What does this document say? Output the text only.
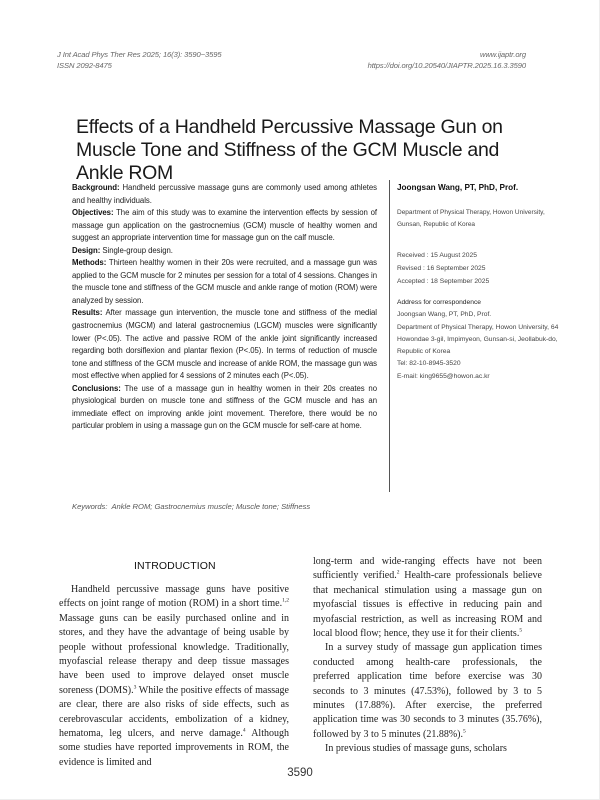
J Int Acad Phys Ther Res 2025; 16(3): 3590~3595
ISSN 2092-8475
www.ijaptr.org
https://doi.org/10.20540/JIAPTR.2025.16.3.3590
Effects of a Handheld Percussive Massage Gun on Muscle Tone and Stiffness of the GCM Muscle and Ankle ROM

Background: Handheld percussive massage guns are commonly used among athletes and healthy individuals.

Objectives: The aim of this study was to examine the intervention effects by session of massage gun application on the gastrocnemius (GCM) muscle of healthy women and suggest an appropriate intervention time for massage gun on the calf muscle.

Design: Single-group design.

Methods: Thirteen healthy women in their 20s were recruited, and a massage gun was applied to the GCM muscle for 2 minutes per session for a total of 4 sessions. Changes in the muscle tone and stiffness of the GCM muscle and ankle range of motion (ROM) were analyzed by session.

Results: After massage gun intervention, the muscle tone and stiffness of the medial gastrocnemius (MGCM) and lateral gastrocnemius (LGCM) muscles were significantly lower (P<.05). The active and passive ROM of the ankle joint significantly increased regarding both dorsiflexion and plantar flexion (P<.05). In terms of reduction of muscle tone and stiffness of the GCM muscle and increase of ankle ROM, the massage gun was most effective when applied for 4 sessions of 2 minutes each (P<.05).

Conclusions: The use of a massage gun in healthy women in their 20s creates no physiological burden on muscle tone and stiffness of the GCM muscle and has an immediate effect on improving ankle joint movement. Therefore, there would be no particular problem in using a massage gun on the GCM muscle for self-care at home.

Keywords: Ankle ROM; Gastrocnemius muscle; Muscle tone; Stiffness
Joongsan Wang, PT, PhD, Prof.
Department of Physical Therapy, Howon University, Gunsan, Republic of Korea
Received : 15 August 2025
Revised : 16 September 2025
Accepted : 18 September 2025
Address for correspondence
Joongsan Wang, PT, PhD, Prof.
Department of Physical Therapy, Howon University, 64 Howondae 3-gil, Impimyeon, Gunsan-si, Jeollabuk-do, Republic of Korea
Tel: 82-10-8945-3520
E-mail: king9655@howon.ac.kr
INTRODUCTION

Handheld percussive massage guns have positive effects on joint range of motion (ROM) in a short time.$^{1,2}$ Massage guns can be easily purchased online and in stores, and they have the advantage of being usable by people without professional knowledge. Traditionally, myofascial release therapy and deep tissue massages have been used to improve delayed onset muscle soreness (DOMS).$^3$ While the positive effects of massage are clear, there are also risks of side effects, such as cerebrovascular accidents, embolization of a kidney, hematoma, leg ulcers, and nerve damage.$^4$ Although some studies have reported improvements in ROM, the evidence is limited and

long-term and wide-ranging effects have not been sufficiently verified.$^2$ Health-care professionals believe that mechanical stimulation using a massage gun on myofascial tissues is effective in reducing pain and myofascial restriction, as well as increasing ROM and local blood flow; hence, they use it for their clients.$^5$

In a survey study of massage gun application times conducted among health-care professionals, the preferred application time before exercise was 30 seconds to 3 minutes (47.53%), followed by 3 to 5 minutes (17.88%). After exercise, the preferred application time was 30 seconds to 3 minutes (35.76%), followed by 3 to 5 minutes (21.88%).$^5$

In previous studies of massage guns, scholars

3590
